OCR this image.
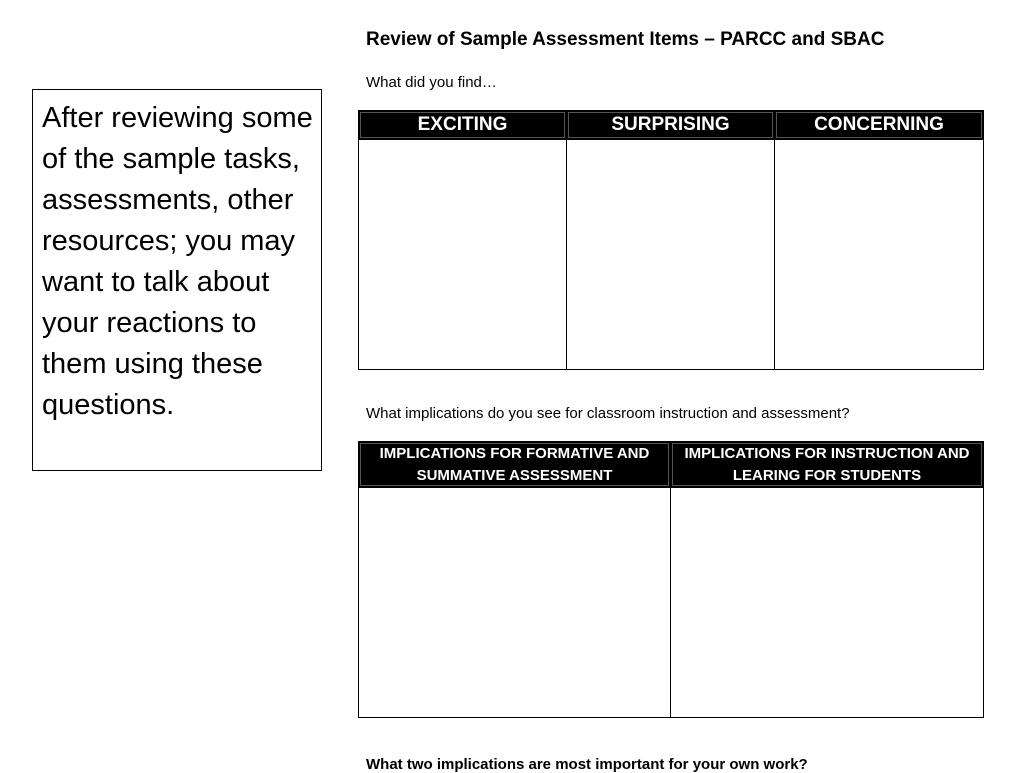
Review of Sample Assessment Items – PARCC and SBAC
What did you find…
After reviewing some of the sample tasks, assessments, other resources; you may want to talk about your reactions to them using these questions.
EXCITING	SURPRISING	CONCERNING

What implications do you see for classroom instruction and assessment?
IMPLICATIONS FOR FORMATIVE AND SUMMATIVE ASSESSMENT	IMPLICATIONS FOR INSTRUCTION AND LEARING FOR STUDENTS

What two implications are most important for your own work?
